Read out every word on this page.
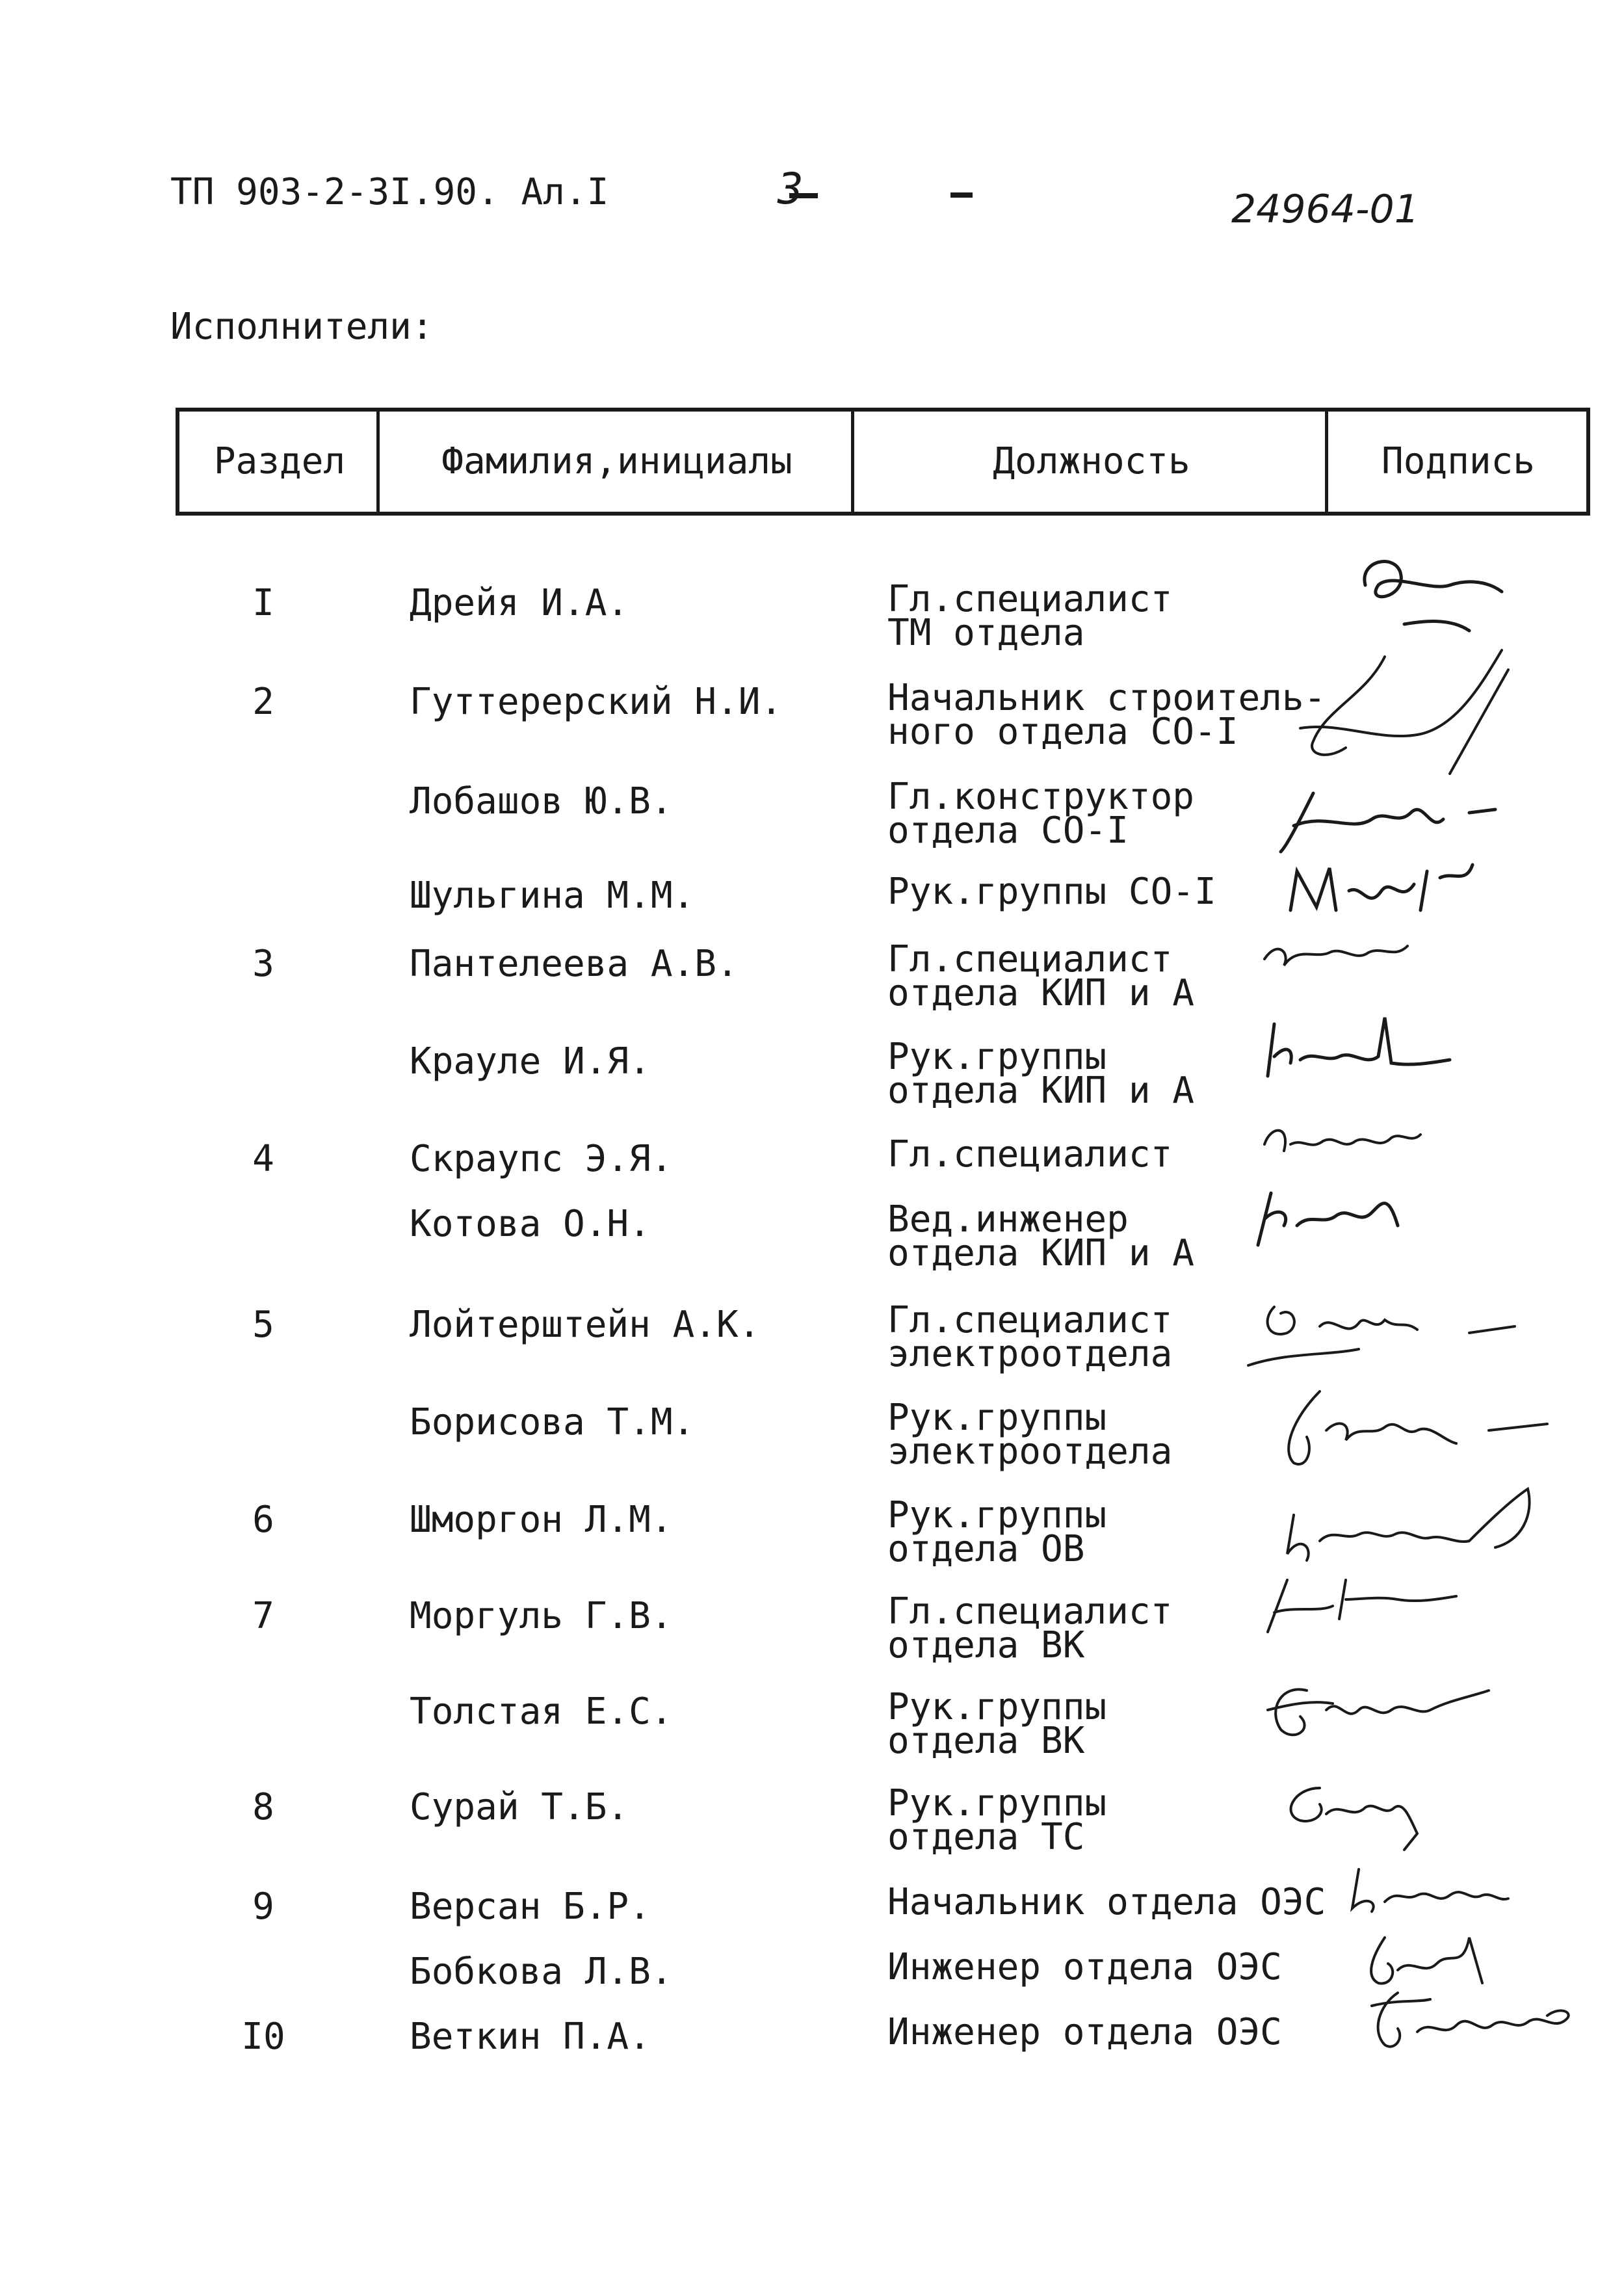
ТП 903-2-3I.90. Ал.I	3	24964-01
Исполнители:
Раздел	Фамилия,инициалы	Должность	Подпись
I	Дрейя И.А.	Гл.специалист
ТМ отдела
2	Гуттерерский Н.И.	Начальник строитель-
ного отдела СО-I
Лобашов Ю.В.	Гл.конструктор
отдела СО-I
Шульгина М.М.	Рук.группы СО-I
3	Пантелеева А.В.	Гл.специалист
отдела КИП и А
Крауле И.Я.	Рук.группы
отдела КИП и А
4	Скраупс Э.Я.	Гл.специалист
Котова О.Н.	Вед.инженер
отдела КИП и А
5	Лойтерштейн А.К.	Гл.специалист
электроотдела
Борисова Т.М.	Рук.группы
электроотдела
6	Шморгон Л.М.	Рук.группы
отдела ОВ
7	Моргуль Г.В.	Гл.специалист
отдела ВК
Толстая Е.С.	Рук.группы
отдела ВК
8	Сурай Т.Б.	Рук.группы
отдела ТС
9	Версан Б.Р.	Начальник отдела ОЭС
Бобкова Л.В.	Инженер отдела ОЭС
I0	Веткин П.А.	Инженер отдела ОЭС
